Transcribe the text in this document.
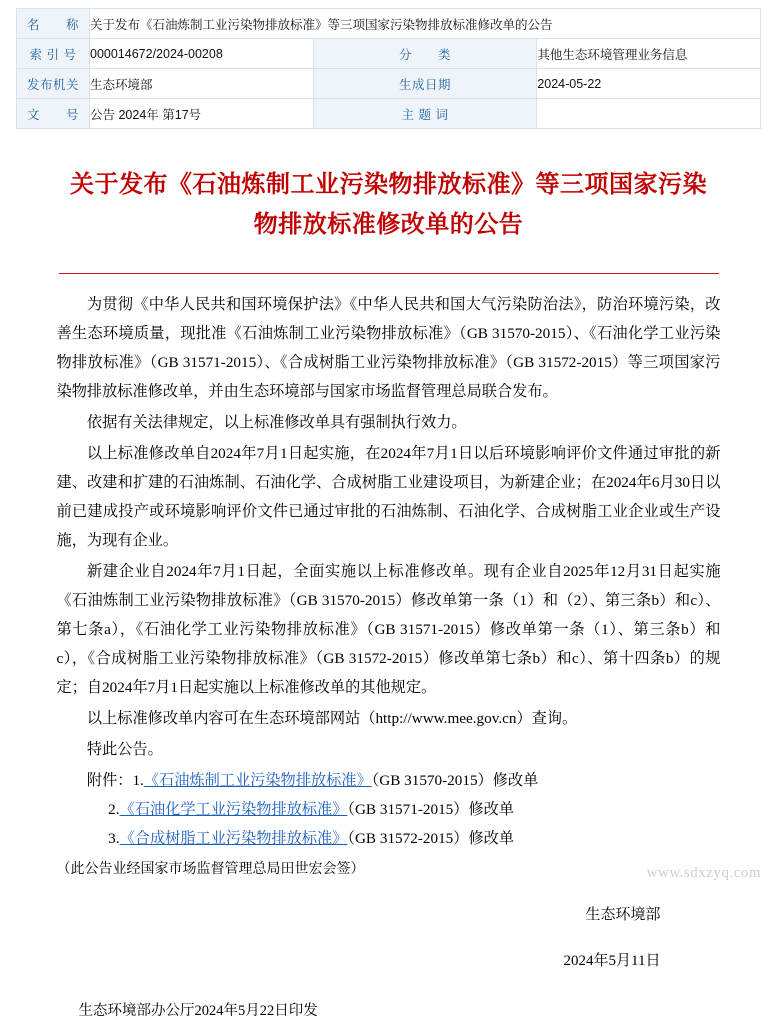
名　　称	关于发布《石油炼制工业污染物排放标准》等三项国家污染物排放标准修改单的公告		
索 引 号	000014672/2024-00208	分　　类	其他生态环境管理业务信息
发布机关	生态环境部	生成日期	2024-05-22
文　　号	公告 2024年 第17号	主 题 词	
关于发布《石油炼制工业污染物排放标准》等三项国家污染物排放标准修改单的公告

为贯彻《中华人民共和国环境保护法》《中华人民共和国大气污染防治法》，防治环境污染，改善生态环境质量，现批准《石油炼制工业污染物排放标准》（GB 31570-2015）、《石油化学工业污染物排放标准》（GB 31571-2015）、《合成树脂工业污染物排放标准》（GB 31572-2015）等三项国家污染物排放标准修改单，并由生态环境部与国家市场监督管理总局联合发布。

依据有关法律规定，以上标准修改单具有强制执行效力。

以上标准修改单自2024年7月1日起实施，在2024年7月1日以后环境影响评价文件通过审批的新建、改建和扩建的石油炼制、石油化学、合成树脂工业建设项目，为新建企业；在2024年6月30日以前已建成投产或环境影响评价文件已通过审批的石油炼制、石油化学、合成树脂工业企业或生产设施，为现有企业。

新建企业自2024年7月1日起，全面实施以上标准修改单。现有企业自2025年12月31日起实施《石油炼制工业污染物排放标准》（GB 31570-2015）修改单第一条（1）和（2）、第三条b）和c）、第七条a），《石油化学工业污染物排放标准》（GB 31571-2015）修改单第一条（1）、第三条b）和c），《合成树脂工业污染物排放标准》（GB 31572-2015）修改单第七条b）和c）、第十四条b）的规定；自2024年7月1日起实施以上标准修改单的其他规定。

以上标准修改单内容可在生态环境部网站（http://www.mee.gov.cn）查询。

特此公告。

附件：1.《石油炼制工业污染物排放标准》（GB 31570-2015）修改单
2.《石油化学工业污染物排放标准》（GB 31571-2015）修改单
3.《合成树脂工业污染物排放标准》（GB 31572-2015）修改单
（此公告业经国家市场监督管理总局田世宏会签）
生态环境部
2024年5月11日
生态环境部办公厅2024年5月22日印发
www.sdxzyq.com
